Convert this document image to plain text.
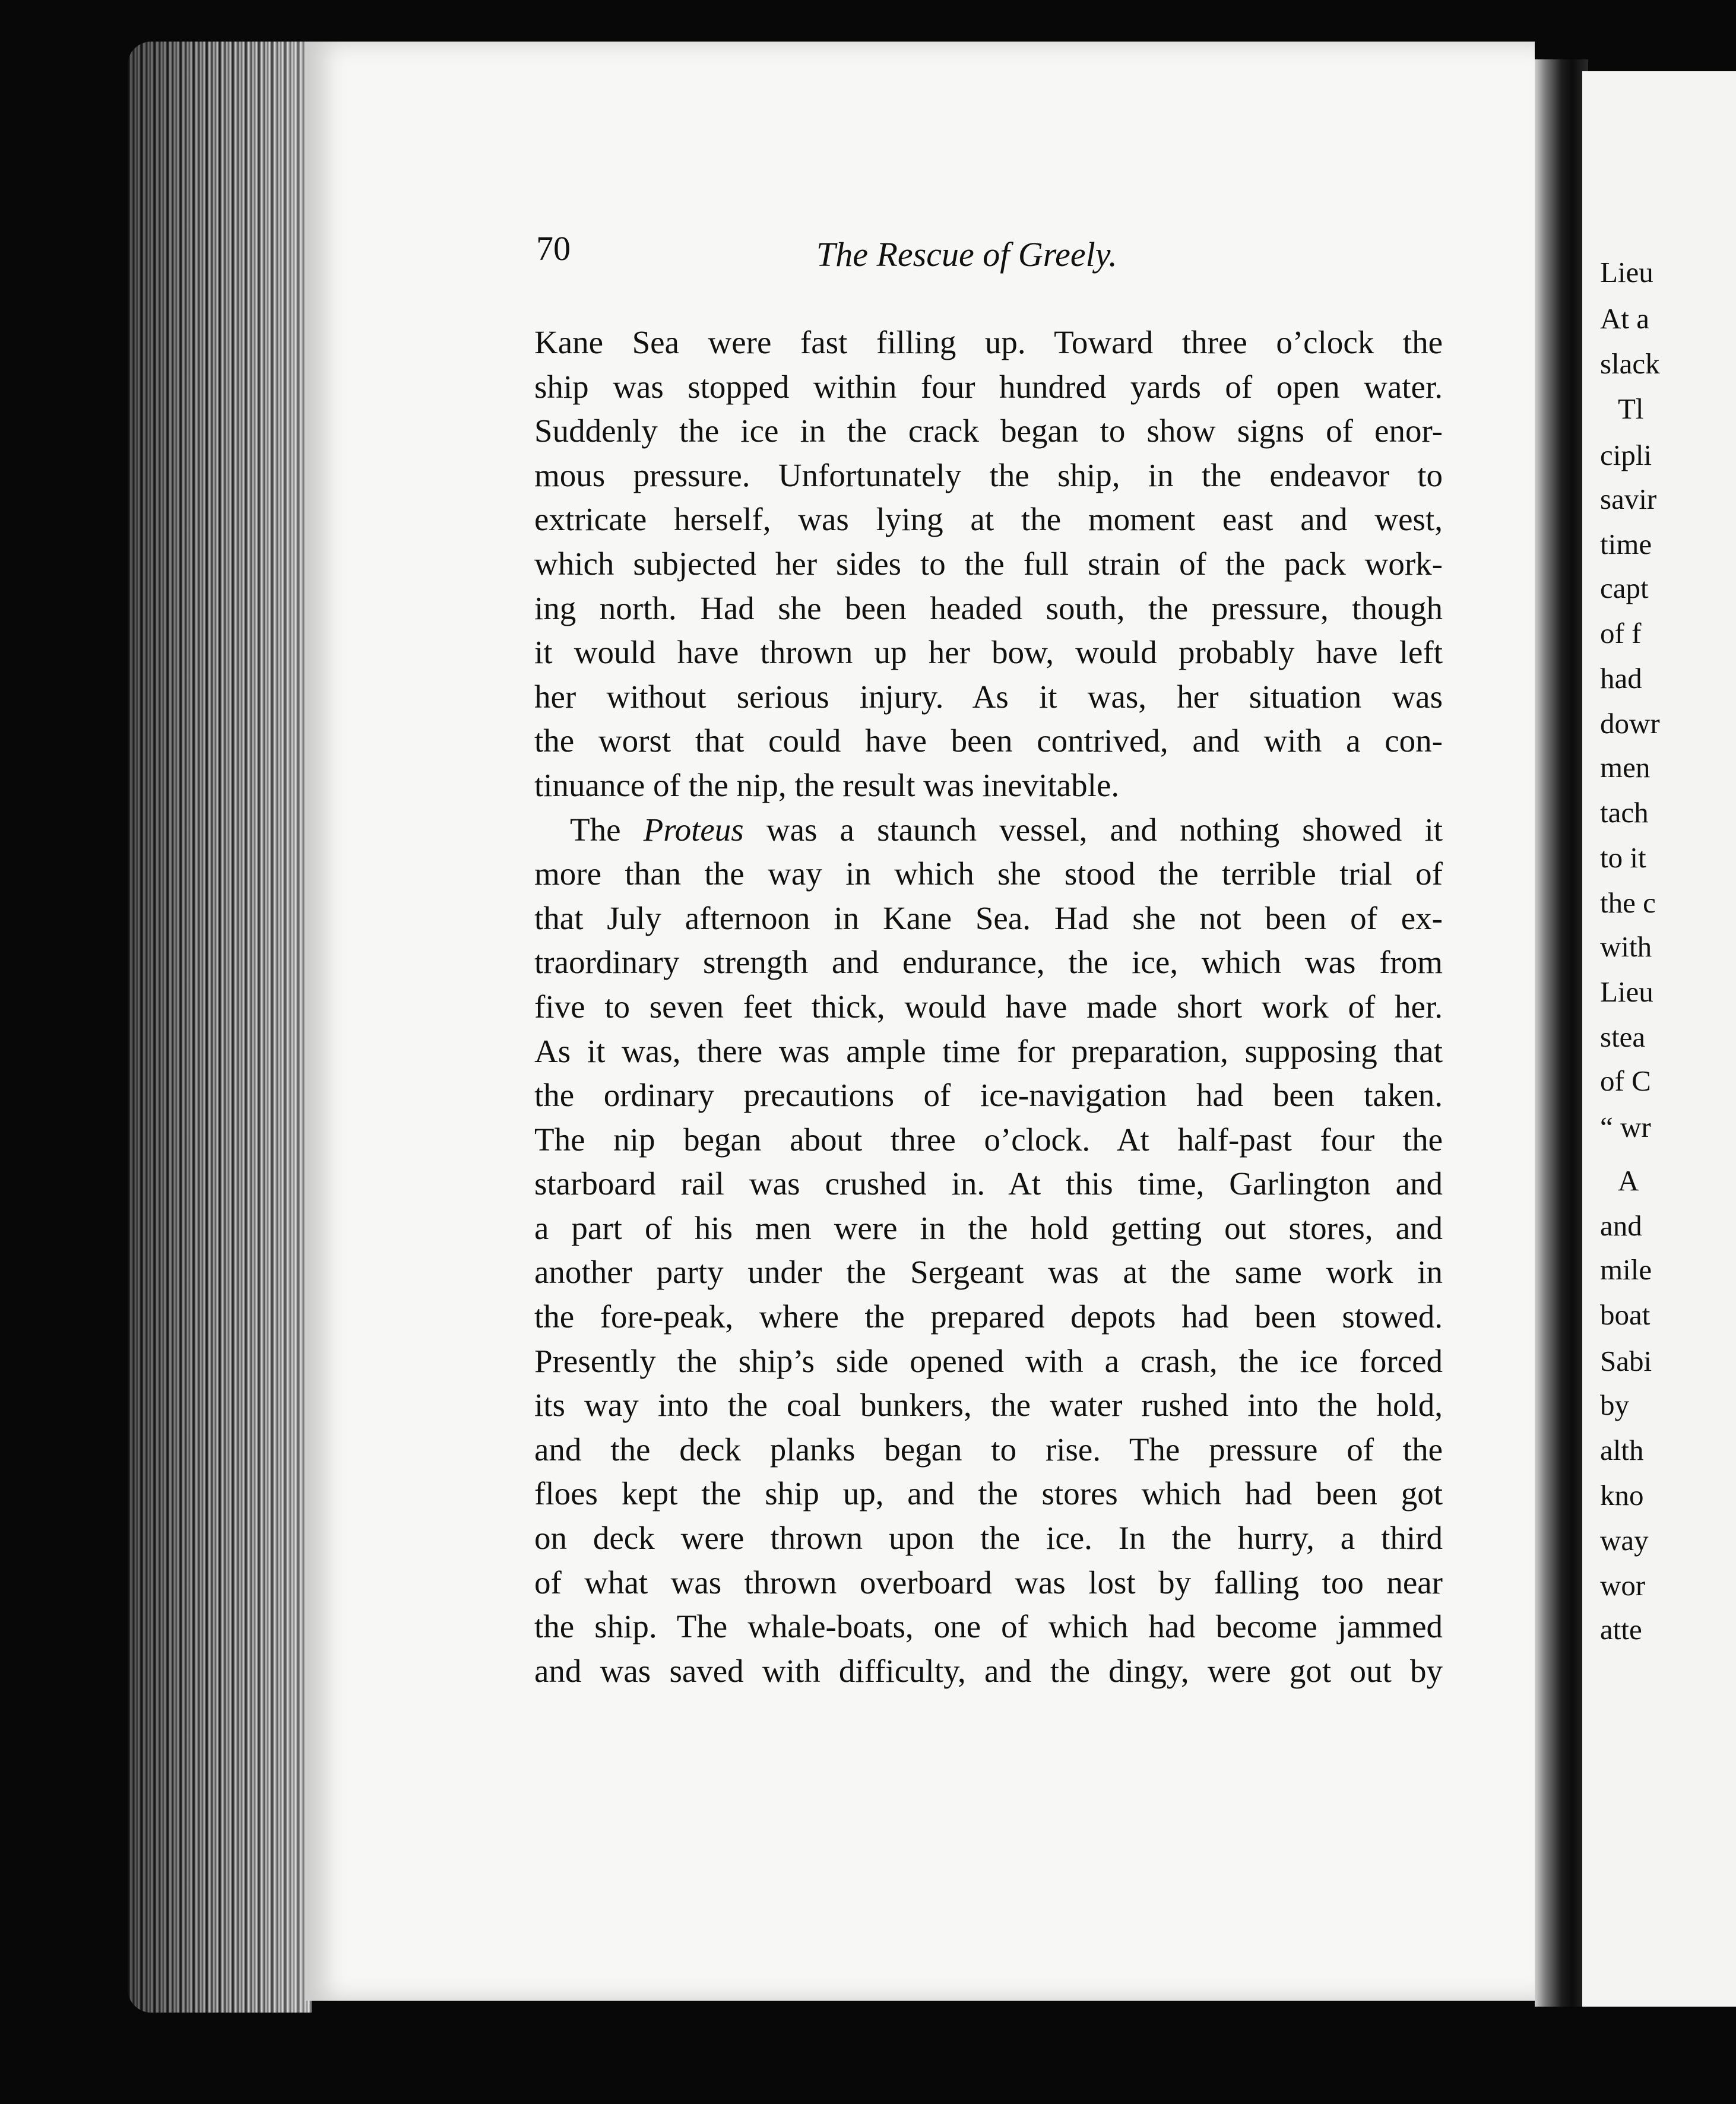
70	The Rescue of Greely.
Kane Sea were fast filling up. Toward three o’clock the
ship was stopped within four hundred yards of open water.
Suddenly the ice in the crack began to show signs of enor-
mous pressure. Unfortunately the ship, in the endeavor to
extricate herself, was lying at the moment east and west,
which subjected her sides to the full strain of the pack work-
ing north. Had she been headed south, the pressure, though
it would have thrown up her bow, would probably have left
her without serious injury. As it was, her situation was
the worst that could have been contrived, and with a con-
tinuance of the nip, the result was inevitable.
The Proteus was a staunch vessel, and nothing showed it
more than the way in which she stood the terrible trial of
that July afternoon in Kane Sea. Had she not been of ex-
traordinary strength and endurance, the ice, which was from
five to seven feet thick, would have made short work of her.
As it was, there was ample time for preparation, supposing that
the ordinary precautions of ice-navigation had been taken.
The nip began about three o’clock. At half-past four the
starboard rail was crushed in. At this time, Garlington and
a part of his men were in the hold getting out stores, and
another party under the Sergeant was at the same work in
the fore-peak, where the prepared depots had been stowed.
Presently the ship’s side opened with a crash, the ice forced
its way into the coal bunkers, the water rushed into the hold,
and the deck planks began to rise. The pressure of the
floes kept the ship up, and the stores which had been got
on deck were thrown upon the ice. In the hurry, a third
of what was thrown overboard was lost by falling too near
the ship. The whale-boats, one of which had become jammed
and was saved with difficulty, and the dingy, were got out by
Lieu
At a
slack
Tl
cipli
savir
time
capt
of f
had
dowr
men
tach
to it
the c
with
Lieu
stea
of C
“ wr
A
and
mile
boat
Sabi
by
alth
kno
way
wor
atte
